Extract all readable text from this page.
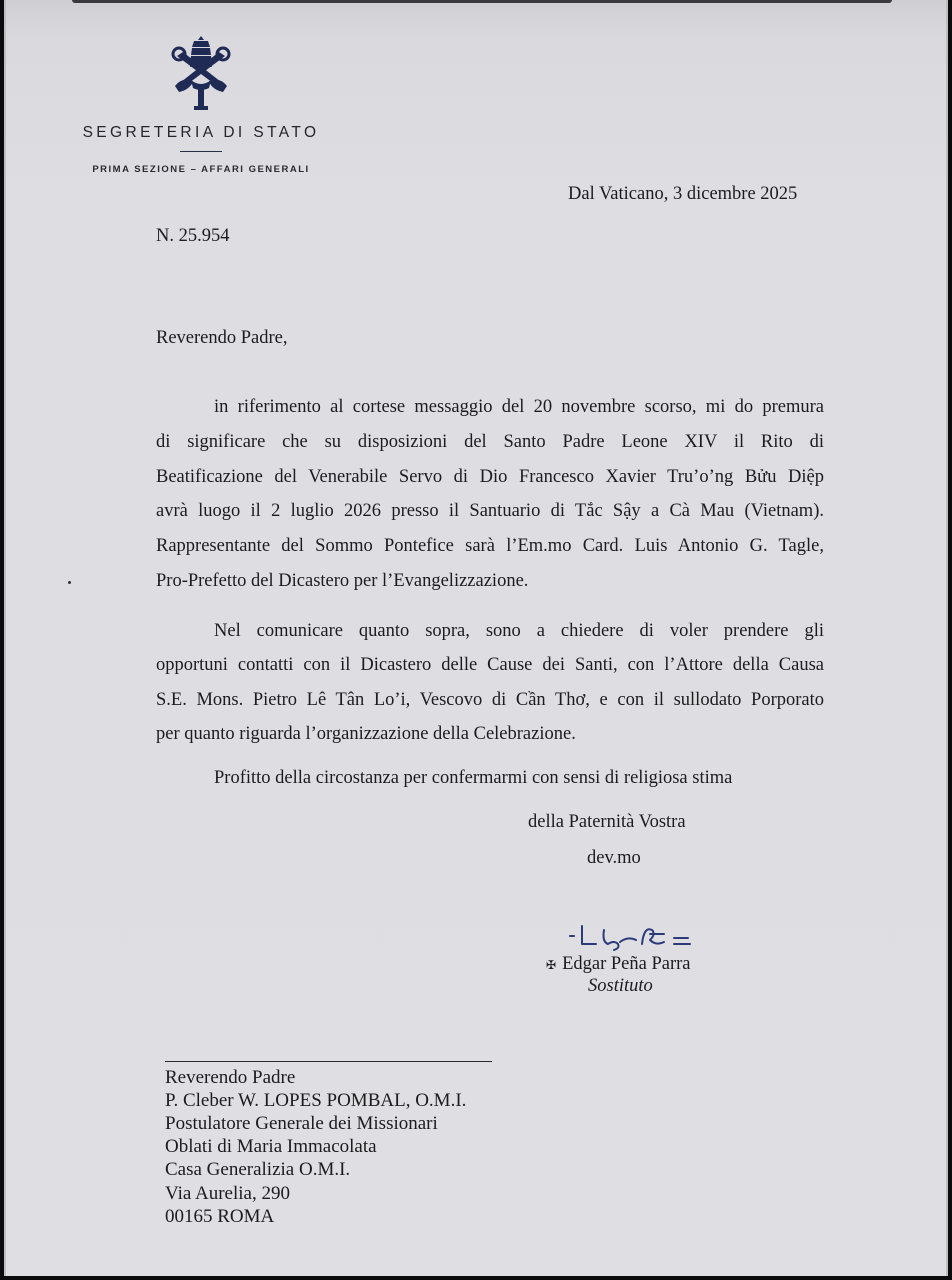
SEGRETERIA DI STATO
PRIMA SEZIONE – AFFARI GENERALI
Dal Vaticano, 3 dicembre 2025
N. 25.954
Reverendo Padre,
in riferimento al cortese messaggio del 20 novembre scorso, mi do premura
di significare che su disposizioni del Santo Padre Leone XIV il Rito di
Beatificazione del Venerabile Servo di Dio Francesco Xavier Tru’o’ng Bửu Diệp
avrà luogo il 2 luglio 2026 presso il Santuario di Tắc Sậy a Cà Mau (Vietnam).
Rappresentante del Sommo Pontefice sarà l’Em.mo Card. Luis Antonio G. Tagle,
Pro-Prefetto del Dicastero per l’Evangelizzazione.
Nel comunicare quanto sopra, sono a chiedere di voler prendere gli
opportuni contatti con il Dicastero delle Cause dei Santi, con l’Attore della Causa
S.E. Mons. Pietro Lê Tân Lo’i, Vescovo di Cần Thơ, e con il sullodato Porporato
per quanto riguarda l’organizzazione della Celebrazione.
Profitto della circostanza per confermarmi con sensi di religiosa stima
della Paternità Vostra
dev.mo
✠ Edgar Peña Parra
Sostituto
Reverendo Padre
P. Cleber W. LOPES POMBAL, O.M.I.
Postulatore Generale dei Missionari
Oblati di Maria Immacolata
Casa Generalizia O.M.I.
Via Aurelia, 290
00165 ROMA
